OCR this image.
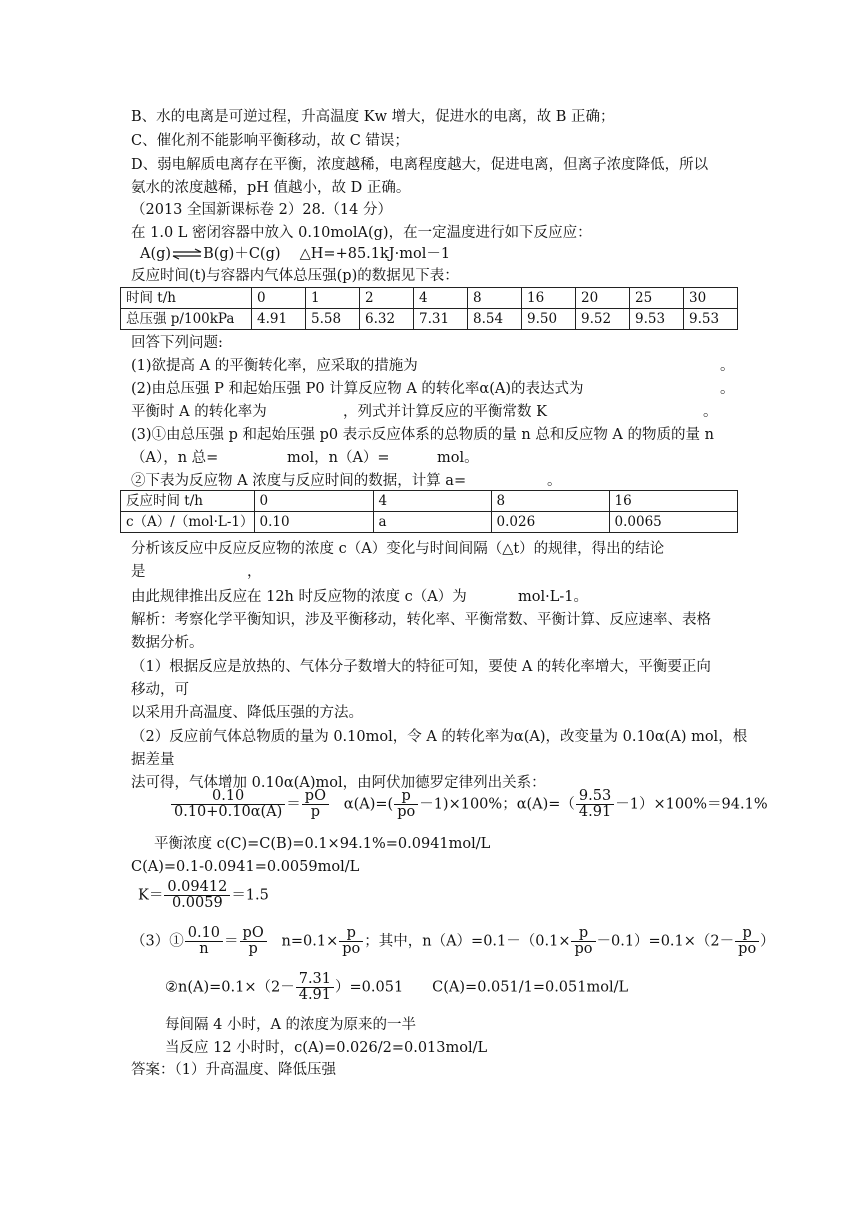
B、水的电离是可逆过程，升高温度 Kw 增大，促进水的电离，故 B 正确；
C、催化剂不能影响平衡移动，故 C 错误；
D、弱电解质电离存在平衡，浓度越稀，电离程度越大，促进电离，但离子浓度降低，所以
氨水的浓度越稀，pH 值越小，故 D 正确。
（2013 全国新课标卷 2）28.（14 分）
在 1.0 L 密闭容器中放入 0.10molA(g)，在一定温度进行如下反应应：
A(g)⇌B(g)＋C(g)　 △H=+85.1kJ·mol－1
反应时间(t)与容器内气体总压强(p)的数据见下表：
时间 t/h	0	1	2	4	8	16	20	25	30
总压强 p/100kPa	4.91	5.58	6.32	7.31	8.54	9.50	9.52	9.53	9.53
回答下列问题:
(1)欲提高 A 的平衡转化率，应采取的措施为	。
(2)由总压强 P 和起始压强 P0 计算反应物 A 的转化率α(A)的表达式为	。
平衡时 A 的转化率为	，列式并计算反应的平衡常数 K	。
(3)①由总压强 p 和起始压强 p0 表示反应体系的总物质的量 n 总和反应物 A 的物质的量 n
（A），n 总=	mol，n（A）=	mol。
②下表为反应物 A 浓度与反应时间的数据，计算 a=	。
反应时间 t/h	0	4	8	16
c（A）/（mol·L-1）	0.10	a	0.026	0.0065
分析该反应中反应反应物的浓度 c（A）变化与时间间隔（△t）的规律，得出的结论
是　　　　　　　，
由此规律推出反应在 12h 时反应物的浓度 c（A）为	mol·L-1。
解析：考察化学平衡知识，涉及平衡移动，转化率、平衡常数、平衡计算、反应速率、表格
数据分析。
（1）根据反应是放热的、气体分子数增大的特征可知，要使 A 的转化率增大，平衡要正向
移动，可
以采用升高温度、降低压强的方法。
（2）反应前气体总物质的量为 0.10mol，令 A 的转化率为α(A)，改变量为 0.10α(A) mol，根
据差量
法可得，气体增加 0.10α(A)mol，由阿伏加德罗定律列出关系：
$\frac{0.10}{0.10+0.10\alpha(A)} = \frac{pO}{p} \alpha(A)=( \frac{p}{po} -1)\times 100\%$；$\alpha(A)=( \frac{9.53}{4.91} -1)\times 100\%=94.1\%$
平衡浓度 c(C)=C(B)=0.1×94.1%=0.0941mol/L
C(A)=0.1-0.0941=0.0059mol/L
$K= \frac{0.09412}{0.0059} =1.5$
（3）① $\frac{0.10}{n} = \frac{pO}{p} n=0.1\times \frac{p}{po}$ ；其中，$n(A)=0.1-(0.1\times \frac{p}{po} -0.1)=0.1\times(2- \frac{p}{po}$ ）
②n(A)=0.1×（2－ $\frac{7.31}{4.91} )=0.051$　　C(A)=0.051/1=0.051mol/L
每间隔 4 小时，A 的浓度为原来的一半
当反应 12 小时时，c(A)=0.026/2=0.013mol/L
答案：（1）升高温度、降低压强
